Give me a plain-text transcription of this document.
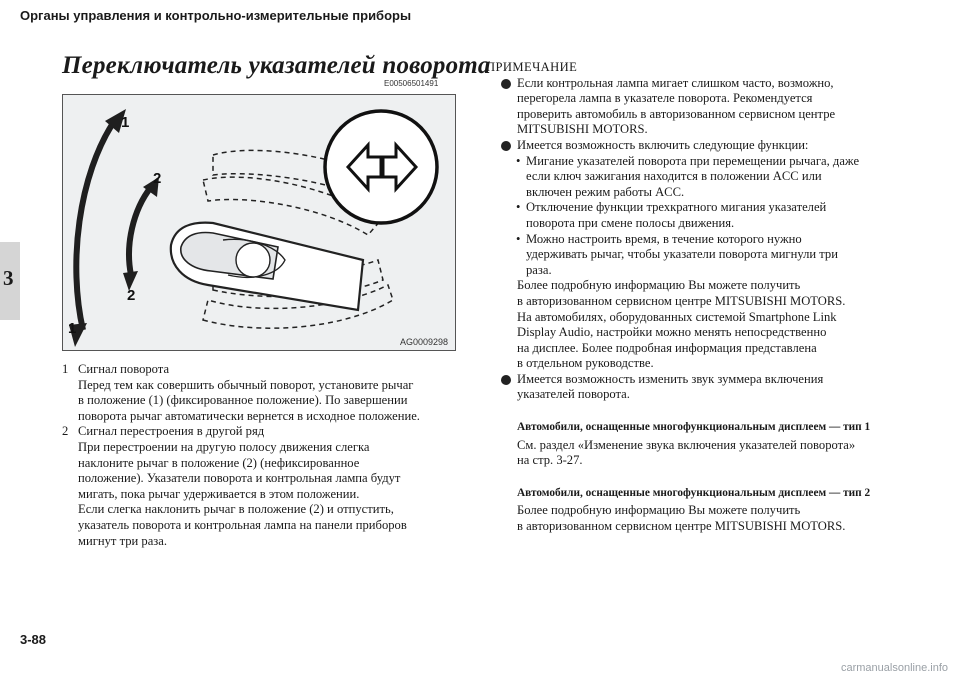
Органы управления и контрольно-измерительные приборы
3
Переключатель указателей поворота
E00506501491
1
2
2
1
AG0009298
1 Сигнал поворота
Перед тем как совершить обычный поворот, установите рычаг
в положение (1) (фиксированное положение). По завершении
поворота рычаг автоматически вернется в исходное положение.
2 Сигнал перестроения в другой ряд
При перестроении на другую полосу движения слегка
наклоните рычаг в положение (2) (нефиксированное
положение). Указатели поворота и контрольная лампа будут
мигать, пока рычаг удерживается в этом положении.
Если слегка наклонить рычаг в положение (2) и отпустить,
указатель поворота и контрольная лампа на панели приборов
мигнут три раза.
ПРИМЕЧАНИЕ
Если контрольная лампа мигает слишком часто, возможно,
перегорела лампа в указателе поворота. Рекомендуется
проверить автомобиль в авторизованном сервисном центре
MITSUBISHI MOTORS.
Имеется возможность включить следующие функции:
• Мигание указателей поворота при перемещении рычага, даже
если ключ зажигания находится в положении ACC или
включен режим работы ACC.
• Отключение функции трехкратного мигания указателей
поворота при смене полосы движения.
• Можно настроить время, в течение которого нужно
удерживать рычаг, чтобы указатели поворота мигнули три
раза.
Более подробную информацию Вы можете получить
в авторизованном сервисном центре MITSUBISHI MOTORS.
На автомобилях, оборудованных системой Smartphone Link
Display Audio, настройки можно менять непосредственно
на дисплее. Более подробная информация представлена
в отдельном руководстве.
Имеется возможность изменить звук зуммера включения
указателей поворота.
Автомобили, оснащенные многофункциональным дисплеем — тип 1
См. раздел «Изменение звука включения указателей поворота»
на стр. 3-27.
Автомобили, оснащенные многофункциональным дисплеем — тип 2
Более подробную информацию Вы можете получить
в авторизованном сервисном центре MITSUBISHI MOTORS.
3-88
carmanualsonline.info
